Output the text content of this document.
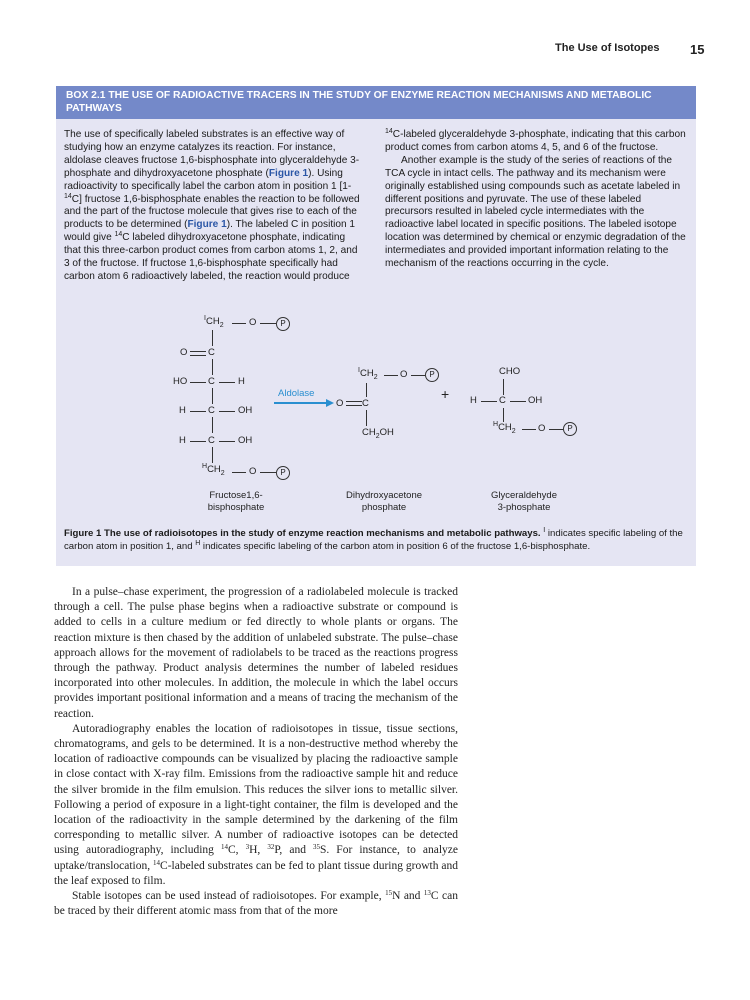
The Use of Isotopes 15
BOX 2.1 THE USE OF RADIOACTIVE TRACERS IN THE STUDY OF ENZYME REACTION MECHANISMS AND METABOLIC PATHWAYS

The use of specifically labeled substrates is an effective way of studying how an enzyme catalyzes its reaction. For instance, aldolase cleaves fructose 1,6-bisphosphate into glyceraldehyde 3-phosphate and dihydroxyacetone phosphate (Figure 1). Using radioactivity to specifically label the carbon atom in position 1 [1-$^{14}$C] fructose 1,6-bisphosphate enables the reaction to be followed and the part of the fructose molecule that gives rise to each of the products to be determined (Figure 1). The labeled C in position 1 would give $^{14}$C labeled dihydroxyacetone phosphate, indicating that this three-carbon product comes from carbon atoms 1, 2, and 3 of the fructose. If fructose 1,6-bisphosphate specifically had carbon atom 6 radioactively labeled, the reaction would produce

$^{14}$C-labeled glyceraldehyde 3-phosphate, indicating that this carbon product comes from carbon atoms 4, 5, and 6 of the fructose.

Another example is the study of the series of reactions of the TCA cycle in intact cells. The pathway and its mechanism were originally established using compounds such as acetate labeled in different positions and pyruvate. The use of these labeled precursors resulted in labeled cycle intermediates with the radioactive label located in specific positions. The labeled isotope location was determined by chemical or enzymic degradation of the intermediates and provided important information relating to the mechanism of the reactions occurring in the cycle.

$^ICH_2$	O	P
O C
HO C H
H C OH
H C OH
$^HCH_2$	O	P
Fructose1,6-
bisphosphate
Aldolase
$^ICH_2$ O	P
O C
$CH_2OH$
Dihydroxyacetone
phosphate
+
CHO
H C OH
$^HCH_2$ O	P
Glyceraldehyde
3-phosphate
Figure 1 The use of radioisotopes in the study of enzyme reaction mechanisms and metabolic pathways. $^I$ indicates specific labeling of the carbon atom in position 1, and $^H$ indicates specific labeling of the carbon atom in position 6 of the fructose 1,6-bisphosphate.

In a pulse–chase experiment, the progression of a radiolabeled molecule is tracked through a cell. The pulse phase begins when a radioactive substrate or compound is added to cells in a culture medium or fed directly to whole plants or organs. The reaction mixture is then chased by the addition of unlabeled substrate. The pulse–chase approach allows for the movement of radiolabels to be traced as the reactions progress through the pathway. Product analysis determines the number of labeled residues incorporated into other molecules. In addition, the molecule in which the label occurs provides important positional information and a means of tracing the mechanism of the reaction.

Autoradiography enables the location of radioisotopes in tissue, tissue sections, chromatograms, and gels to be determined. It is a non-destructive method whereby the location of radioactive compounds can be visualized by placing the radioactive sample in close contact with X-ray film. Emissions from the radioactive sample hit and reduce the silver bromide in the film emulsion. This reduces the silver ions to metallic silver. Following a period of exposure in a light-tight container, the film is developed and the location of the radioactivity in the sample determined by the darkening of the film corresponding to metallic silver. A number of radioactive isotopes can be detected using autoradiography, including $^{14}$C, $^3$H, $^{32}$P, and $^{35}$S. For instance, to analyze uptake/translocation, $^{14}$C-labeled substrates can be fed to plant tissue during growth and the leaf exposed to film.

Stable isotopes can be used instead of radioisotopes. For example, $^{15}$N and $^{13}$C can be traced by their different atomic mass from that of the more
